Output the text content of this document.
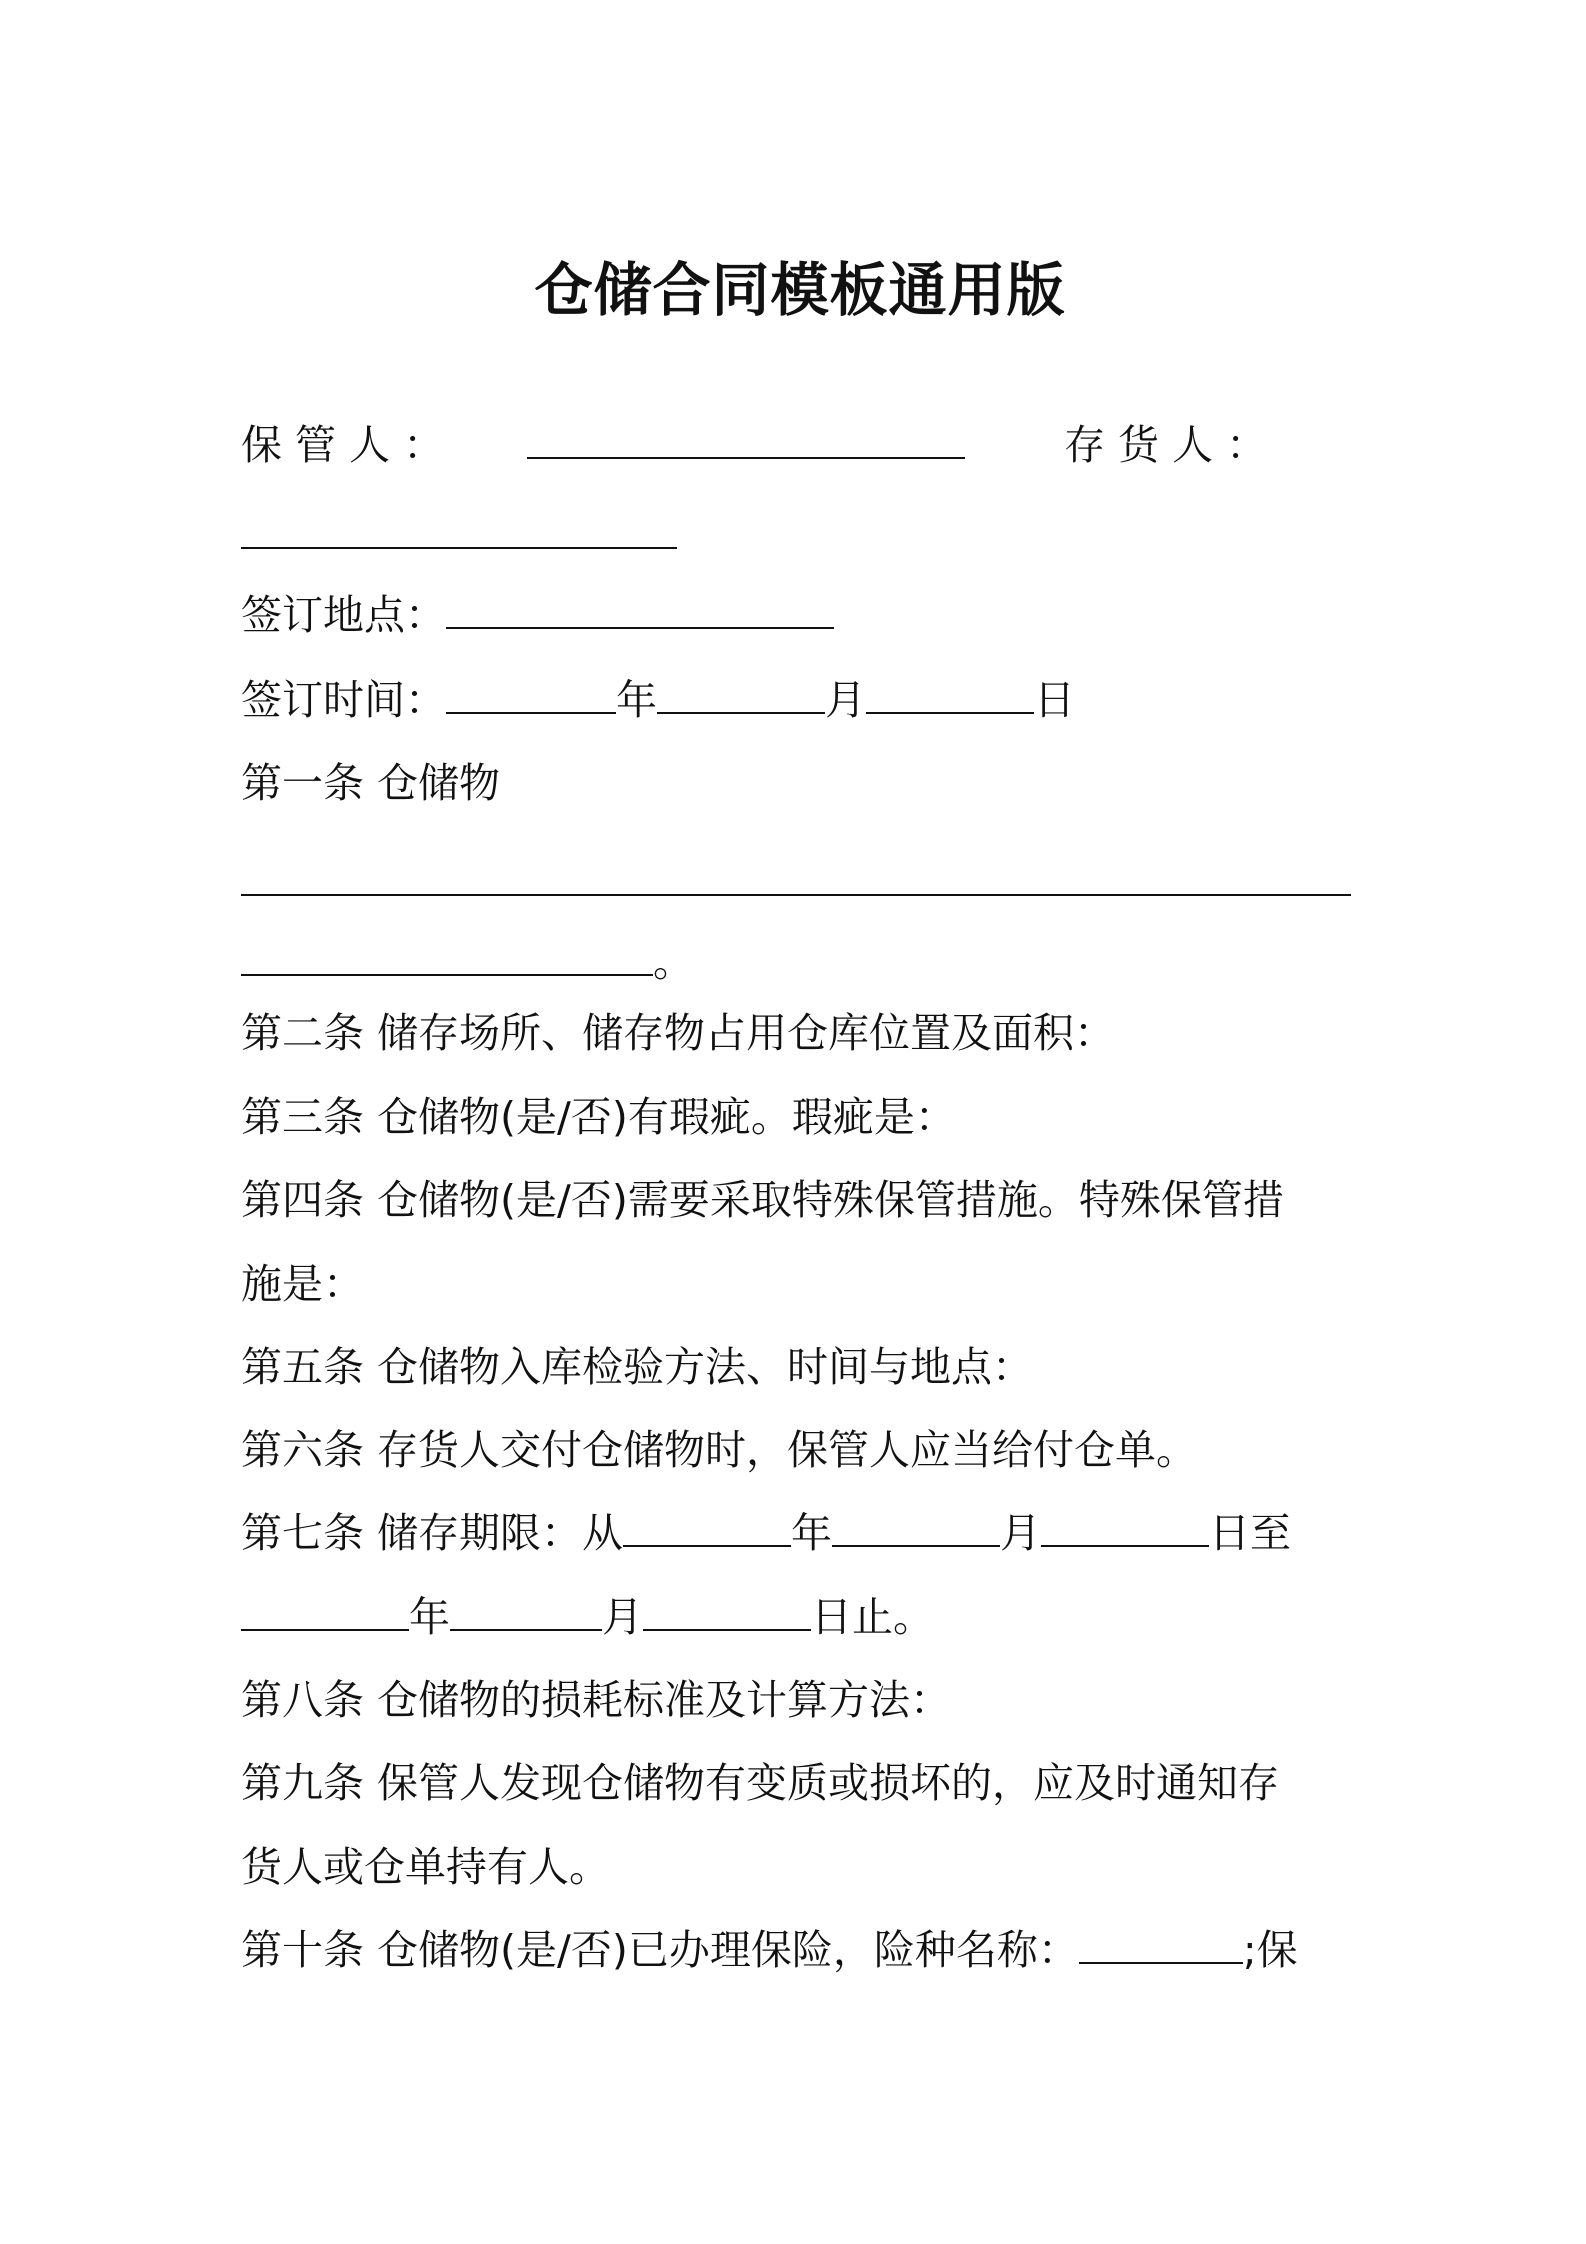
仓储合同模板通用版
保 管 人 ：	存 货 人 ：
签订地点：
签订时间：	年	月	日
第一条 仓储物
。
第二条 储存场所、储存物占用仓库位置及面积：
第三条 仓储物(是/否)有瑕疵。瑕疵是：
第四条 仓储物(是/否)需要采取特殊保管措施。特殊保管措
施是：
第五条 仓储物入库检验方法、时间与地点：
第六条 存货人交付仓储物时，保管人应当给付仓单。
第七条 储存期限：从	年	月	日至
年	月	日止。
第八条 仓储物的损耗标准及计算方法：
第九条 保管人发现仓储物有变质或损坏的，应及时通知存
货人或仓单持有人。
第十条 仓储物(是/否)已办理保险，险种名称：	;保
